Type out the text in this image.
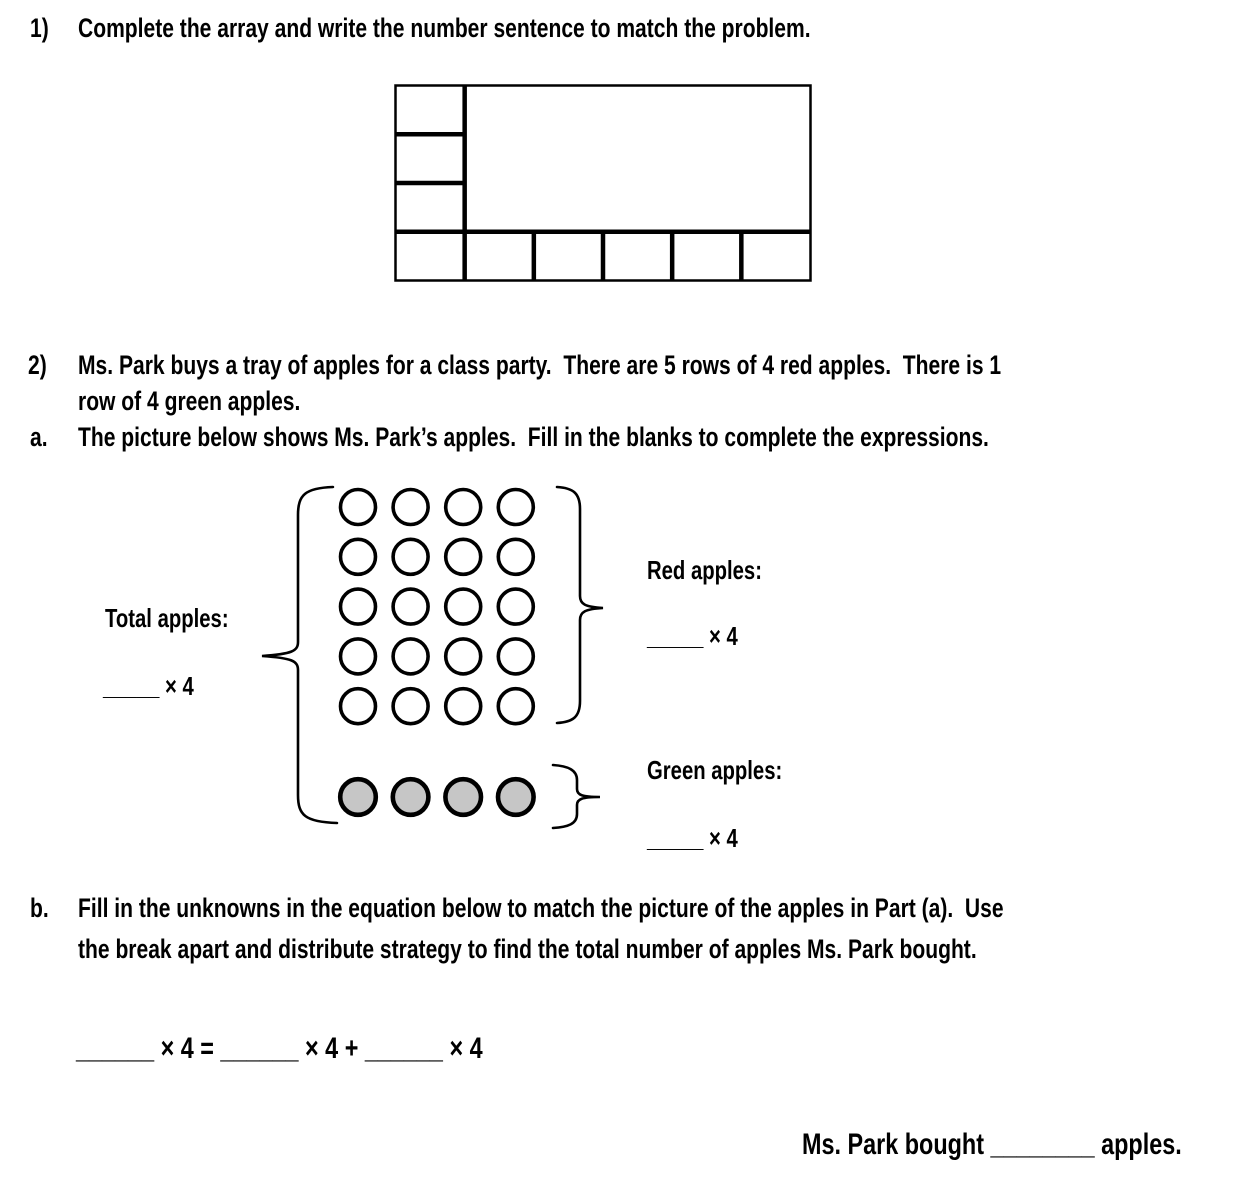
1) Complete the array and write the number sentence to match the problem.
2) Ms. Park buys a tray of apples for a class party.  There are 5 rows of 4 red apples.  There is 1
row of 4 green apples.
a. The picture below shows Ms. Park’s apples.  Fill in the blanks to complete the expressions.
Total apples:
_____ × 4
Red apples:
_____ × 4
Green apples:
_____ × 4
b. Fill in the unknowns in the equation below to match the picture of the apples in Part (a).  Use
the break apart and distribute strategy to find the total number of apples Ms. Park bought.
______ × 4 = ______ × 4 + ______ × 4
Ms. Park bought ________ apples.
